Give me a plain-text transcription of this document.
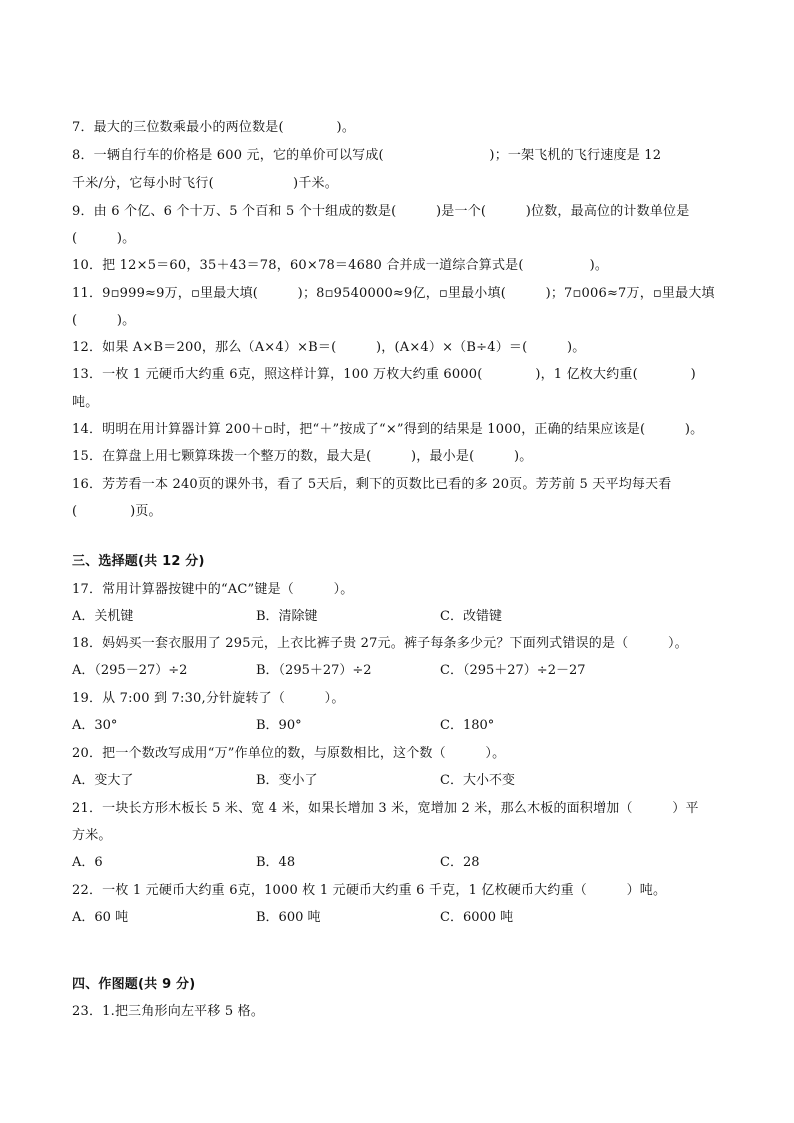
7．最大的三位数乘最小的两位数是(　　　　)。
8．一辆自行车的价格是 600 元，它的单价可以写成(　　　　　　　　)；一架飞机的飞行速度是 12
千米/分，它每小时飞行(　　　　　　)千米。
9．由 6 个亿、6 个十万、5 个百和 5 个十组成的数是(　　　)是一个(　　　)位数，最高位的计数单位是
(　　　)。
10．把 12×5＝60，35＋43＝78，60×78＝4680 合并成一道综合算式是(　　　　　)。
11．9▫999≈9万，▫里最大填(　　　)；8▫9540000≈9亿，▫里最小填(　　　)；7▫006≈7万，▫里最大填
(　　　)。
12．如果 A×B＝200，那么（A×4）×B＝(　　　)，(A×4）×（B÷4）＝(　　　)。
13．一枚 1 元硬币大约重 6克，照这样计算，100 万枚大约重 6000(　　　　)，1 亿枚大约重(　　　　)
吨。
14．明明在用计算器计算 200＋▫时，把“＋”按成了“×”得到的结果是 1000，正确的结果应该是(　　　)。
15．在算盘上用七颗算珠拨一个整万的数，最大是(　　　)，最小是(　　　)。
16．芳芳看一本 240页的课外书，看了 5天后，剩下的页数比已看的多 20页。芳芳前 5 天平均每天看
(　　　　)页。
三、选择题(共 12 分)
17．常用计算器按键中的“AC”键是（　　　）。
A．关机键	B．清除键	C．改错键
18．妈妈买一套衣服用了 295元，上衣比裤子贵 27元。裤子每条多少元？下面列式错误的是（　　　）。
A．（295－27）÷2	B．（295＋27）÷2	C．（295＋27）÷2－27
19．从 7:00 到 7:30,分针旋转了（　　　）。
A．30°	B．90°	C．180°
20．把一个数改写成用“万”作单位的数，与原数相比，这个数（　　　）。
A．变大了	B．变小了	C．大小不变
21．一块长方形木板长 5 米、宽 4 米，如果长增加 3 米，宽增加 2 米，那么木板的面积增加（　　　）平
方米。
A．6	B．48	C．28
22．一枚 1 元硬币大约重 6克，1000 枚 1 元硬币大约重 6 千克，1 亿枚硬币大约重（　　　）吨。
A．60 吨	B．600 吨	C．6000 吨
四、作图题(共 9 分)
23．1.把三角形向左平移 5 格。
